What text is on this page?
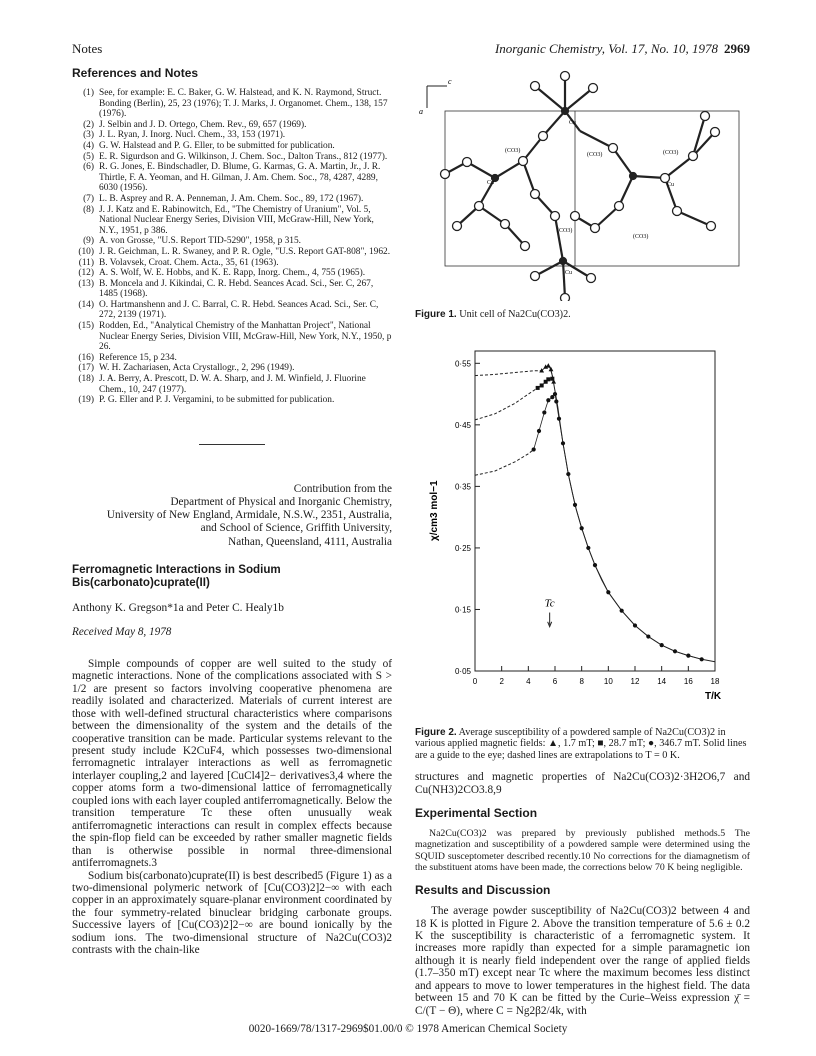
Notes	Inorganic Chemistry, Vol. 17, No. 10, 1978 2969
References and Notes
(1) See, for example: E. C. Baker, G. W. Halstead, and K. N. Raymond, Struct. Bonding (Berlin), 25, 23 (1976); T. J. Marks, J. Organomet. Chem., 138, 157 (1976).
(2) J. Selbin and J. D. Ortego, Chem. Rev., 69, 657 (1969).
(3) J. L. Ryan, J. Inorg. Nucl. Chem., 33, 153 (1971).
(4) G. W. Halstead and P. G. Eller, to be submitted for publication.
(5) E. R. Sigurdson and G. Wilkinson, J. Chem. Soc., Dalton Trans., 812 (1977).
(6) R. G. Jones, E. Bindschadler, D. Blume, G. Karmas, G. A. Martin, Jr., J. R. Thirtle, F. A. Yeoman, and H. Gilman, J. Am. Chem. Soc., 78, 4287, 4289, 6030 (1956).
(7) L. B. Asprey and R. A. Penneman, J. Am. Chem. Soc., 89, 172 (1967).
(8) J. J. Katz and E. Rabinowitch, Ed., "The Chemistry of Uranium", Vol. 5, National Nuclear Energy Series, Division VIII, McGraw-Hill, New York, N.Y., 1951, p 386.
(9) A. von Grosse, "U.S. Report TID-5290", 1958, p 315.
(10) J. R. Geichman, L. R. Swaney, and P. R. Ogle, "U.S. Report GAT-808", 1962.
(11) B. Volavsek, Croat. Chem. Acta., 35, 61 (1963).
(12) A. S. Wolf, W. E. Hobbs, and K. E. Rapp, Inorg. Chem., 4, 755 (1965).
(13) B. Moncela and J. Kikindai, C. R. Hebd. Seances Acad. Sci., Ser. C, 267, 1485 (1968).
(14) O. Hartmanshenn and J. C. Barral, C. R. Hebd. Seances Acad. Sci., Ser. C, 272, 2139 (1971).
(15) Rodden, Ed., "Analytical Chemistry of the Manhattan Project", National Nuclear Energy Series, Division VIII, McGraw-Hill, New York, N.Y., 1950, p 26.
(16) Reference 15, p 234.
(17) W. H. Zachariasen, Acta Crystallogr., 2, 296 (1949).
(18) J. A. Berry, A. Prescott, D. W. A. Sharp, and J. M. Winfield, J. Fluorine Chem., 10, 247 (1977).
(19) P. G. Eller and P. J. Vergamini, to be submitted for publication.
Contribution from the
Department of Physical and Inorganic Chemistry,
University of New England, Armidale, N.S.W., 2351, Australia,
and School of Science, Griffith University,
Nathan, Queensland, 4111, Australia
Ferromagnetic Interactions in Sodium
Bis(carbonato)cuprate(II)
Anthony K. Gregson*1a and Peter C. Healy1b
Received May 8, 1978

Simple compounds of copper are well suited to the study of magnetic interactions. None of the complications associated with S > 1/2 are present so factors involving cooperative phenomena are readily isolated and characterized. Materials of current interest are those with well-defined structural characteristics where comparisons between the dimensionality of the system and the details of the cooperative transition can be made. Particular systems relevant to the present study include K2CuF4, which possesses two-dimensional ferromagnetic intralayer interactions as well as ferromagnetic interlayer coupling,2 and layered [CuCl4]2− derivatives3,4 where the copper atoms form a two-dimensional lattice of ferromagnetically coupled ions with each layer coupled antiferromagnetically. Below the transition temperature Tc these often unusually weak antiferromagnetic interactions can result in complex effects because the spin-flop field can be exceeded by rather smaller magnetic fields than is otherwise possible in normal three-dimensional antiferromagnets.3

Sodium bis(carbonato)cuprate(II) is best described5 (Figure 1) as a two-dimensional polymeric network of [Cu(CO3)2]2−∞ with each copper in an approximately square-planar environment coordinated by the four symmetry-related binuclear bridging carbonate groups. Successive layers of [Cu(CO3)2]2−∞ are bound ionically by the sodium ions. The two-dimensional structure of Na2Cu(CO3)2 contrasts with the chain-like

c
a
Cu
Cu	Cu
Cu
(CO3)
(CO3)	(CO3)
(CO3)
(CO3)
Figure 1. Unit cell of Na2Cu(CO3)2.
0	2	4	6	8 10 12 14 16 18
0·05
0·15
0·25
0·35
0·45
0·55
Tc
T/K
χ/cm3 mol−1
Figure 2. Average susceptibility of a powdered sample of Na2Cu(CO3)2 in various applied magnetic fields: ▲, 1.7 mT; ■, 28.7 mT; ●, 346.7 mT. Solid lines are a guide to the eye; dashed lines are extrapolations to T = 0 K.
structures and magnetic properties of Na2Cu(CO3)2·3H2O6,7 and Cu(NH3)2CO3.8,9
Experimental Section

Na2Cu(CO3)2 was prepared by previously published methods.5 The magnetization and susceptibility of a powdered sample were determined using the SQUID susceptometer described recently.10 No corrections for the diamagnetism of the substituent atoms have been made, the corrections below 70 K being negligible.

Results and Discussion

The average powder susceptibility of Na2Cu(CO3)2 between 4 and 18 K is plotted in Figure 2. Above the transition temperature of 5.6 ± 0.2 K the susceptibility is characteristic of a ferromagnetic system. It increases more rapidly than expected for a simple paramagnetic ion although it is nearly field independent over the range of applied fields (1.7–350 mT) except near Tc where the maximum becomes less distinct and appears to move to lower temperatures in the highest field. The data between 15 and 70 K can be fitted by the Curie–Weiss expression χ̄ = C/(T − Θ), where C = Ng2β2/4k, with

0020-1669/78/1317-2969$01.00/0 © 1978 American Chemical Society
